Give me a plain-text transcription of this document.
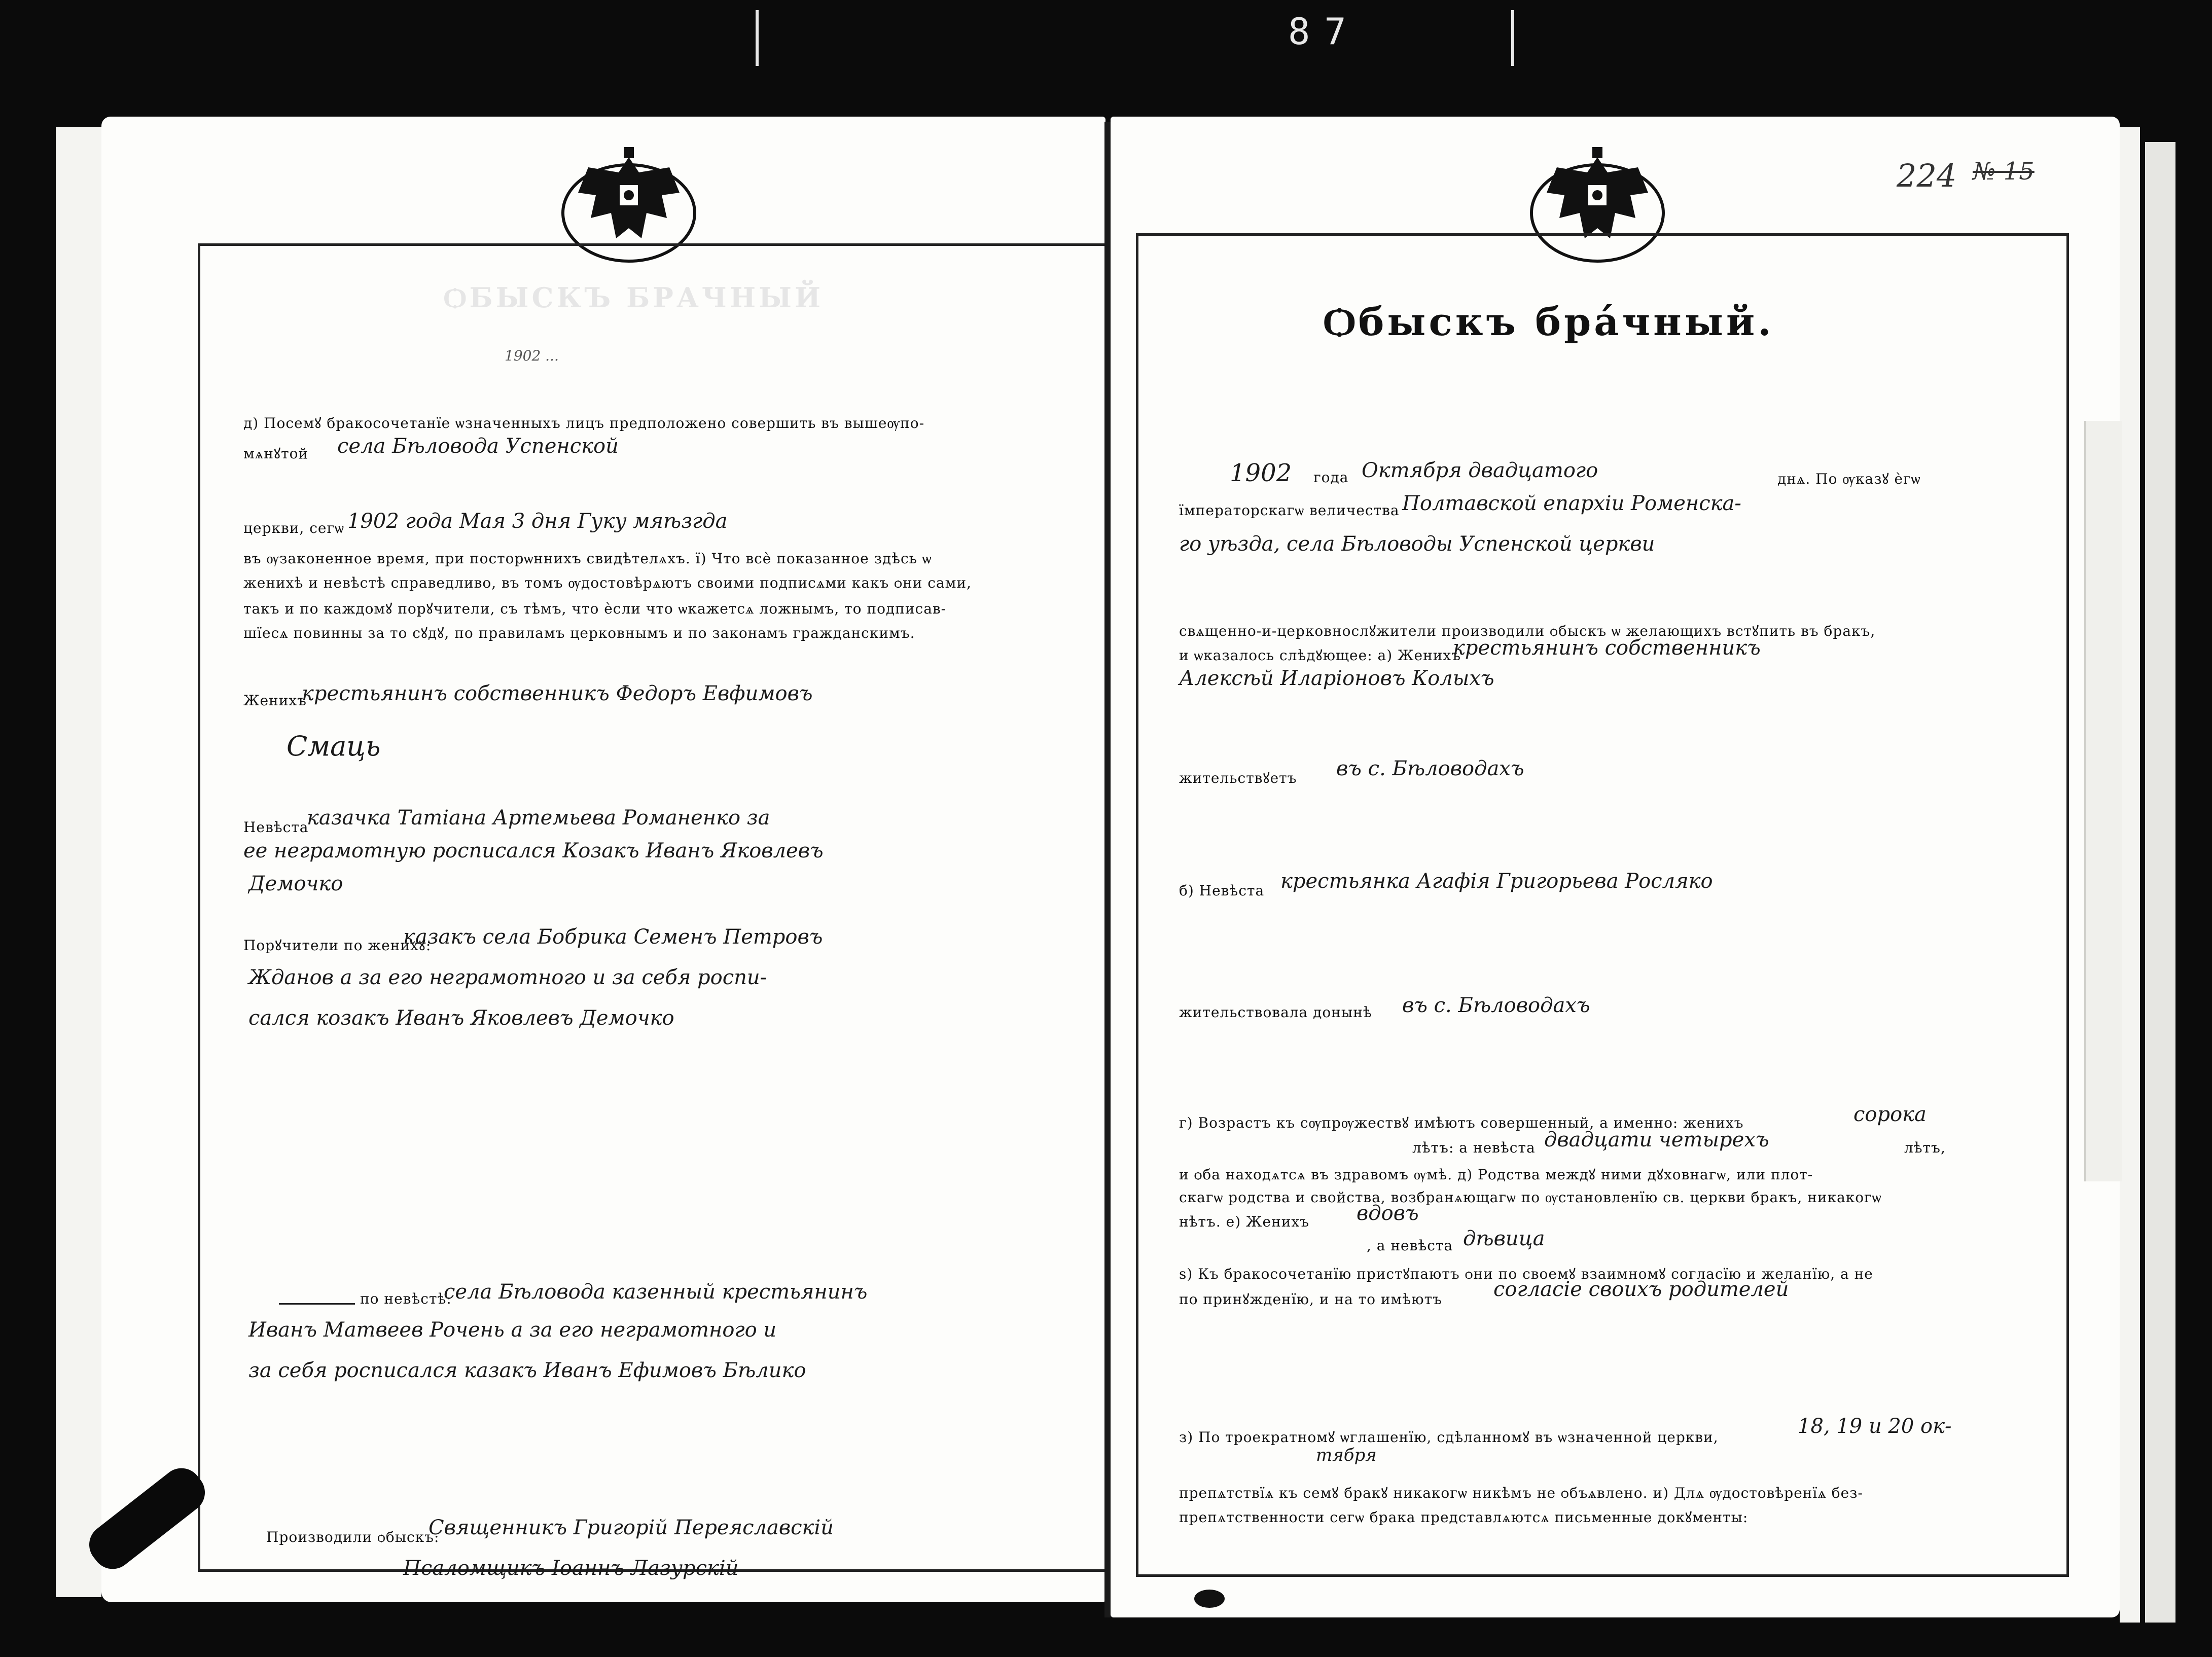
87
ѺБЫСКЪ БРАЧНЫЙ
1902 ...
д) Посемꙋ бракосочетанїе ѡзначенныхъ лицъ предположено совершить въ вышеѹпо-
мѧнꙋтой села Бѣловода Успенской
церкви, сегѡ 1902 года Мая 3 дня Гуку мяѣзгда
въ ѹзаконенное время, при посторѡннихъ свидѣтелѧхъ. ї) Что всѐ показанное здѣсь ѡ
женихѣ и невѣстѣ справедливо, въ томъ ѹдостовѣрѧютъ своими подписѧми какъ ѻни сами,
такъ и по каждомꙋ порꙋчители, съ тѣмъ, что ѐсли что ѡкажетсѧ ложнымъ, то подписав-
шїесѧ повинны за то сꙋдꙋ, по правиламъ церковнымъ и по законамъ гражданскимъ.
Женихъ
крестьянинъ собственникъ Федоръ Евфимовъ
Смаць
Невѣста
казачка Татіана Артемьева Романенко за
ее неграмотную росписался Козакъ Иванъ Яковлевъ
Демочко
Порꙋчители по женихꙋ:
казакъ села Бобрика Семенъ Петровъ
Жданов а за его неграмотного и за себя роспи-
сался козакъ Иванъ Яковлевъ Демочко
по невѣстѣ:
села Бѣловода казенный крестьянинъ
Иванъ Матвеев Рочень а за его неграмотного и
за себя росписался казакъ Иванъ Ефимовъ Бѣлико
Производили ѻбыскъ:
Священникъ Григорій Переяславскій
Псаломщикъ Іоаннъ Лазурскій
224 № 15
Ѻбыскъ бра́чный.
1902 года Октября двадцатого	днѧ. По ѹказꙋ ѐгѡ
їмператорскагѡ величества Полтавской епархіи Роменска-
го уѣзда, села Бѣловоды Успенской церкви
свѧщенно-и-церковнослꙋжители производили ѻбыскъ ѡ желающихъ встꙋпить въ бракъ,
и ѡказалось слѣдꙋющее: а) Женихъ
крестьянинъ собственникъ
Алексѣй Иларіоновъ Колыхъ
жительствꙋетъ въ с. Бѣловодахъ
б) Невѣста крестьянка Агафія Григорьева Росляко
жительствовала донынѣ въ с. Бѣловодахъ
г) Возрастъ къ сѹпрѹжествꙋ имѣютъ совершенный, а именно: женихъ	сорока
лѣтъ: а невѣста двадцати четырехъ	лѣтъ,
и ѻба находѧтсѧ въ здравомъ ѹмѣ. д) Родства междꙋ ними дꙋховнагѡ, или плот-
скагѡ родства и свойства, возбранѧющагѡ по ѹстановленїю св. церкви бракъ, никакогѡ
нѣтъ. е) Женихъ вдовъ
, а невѣста дѣвица
ѕ) Къ бракосочетанїю пристꙋпаютъ ѻни по своемꙋ взаимномꙋ согласїю и желанїю, а не
по принꙋжденїю, и на то имѣютъ	согласіе своихъ родителей
з) По троекратномꙋ ѡглашенїю, сдѣланномꙋ въ ѡзначенной церкви,	18, 19 и 20 ок-
тября
препѧтствїѧ къ семꙋ бракꙋ никакогѡ никѣмъ не ѻбъѧвлено. и) Длѧ ѹдостовѣренїѧ без-
препѧтственности сегѡ брака представлѧютсѧ письменные докꙋменты:
